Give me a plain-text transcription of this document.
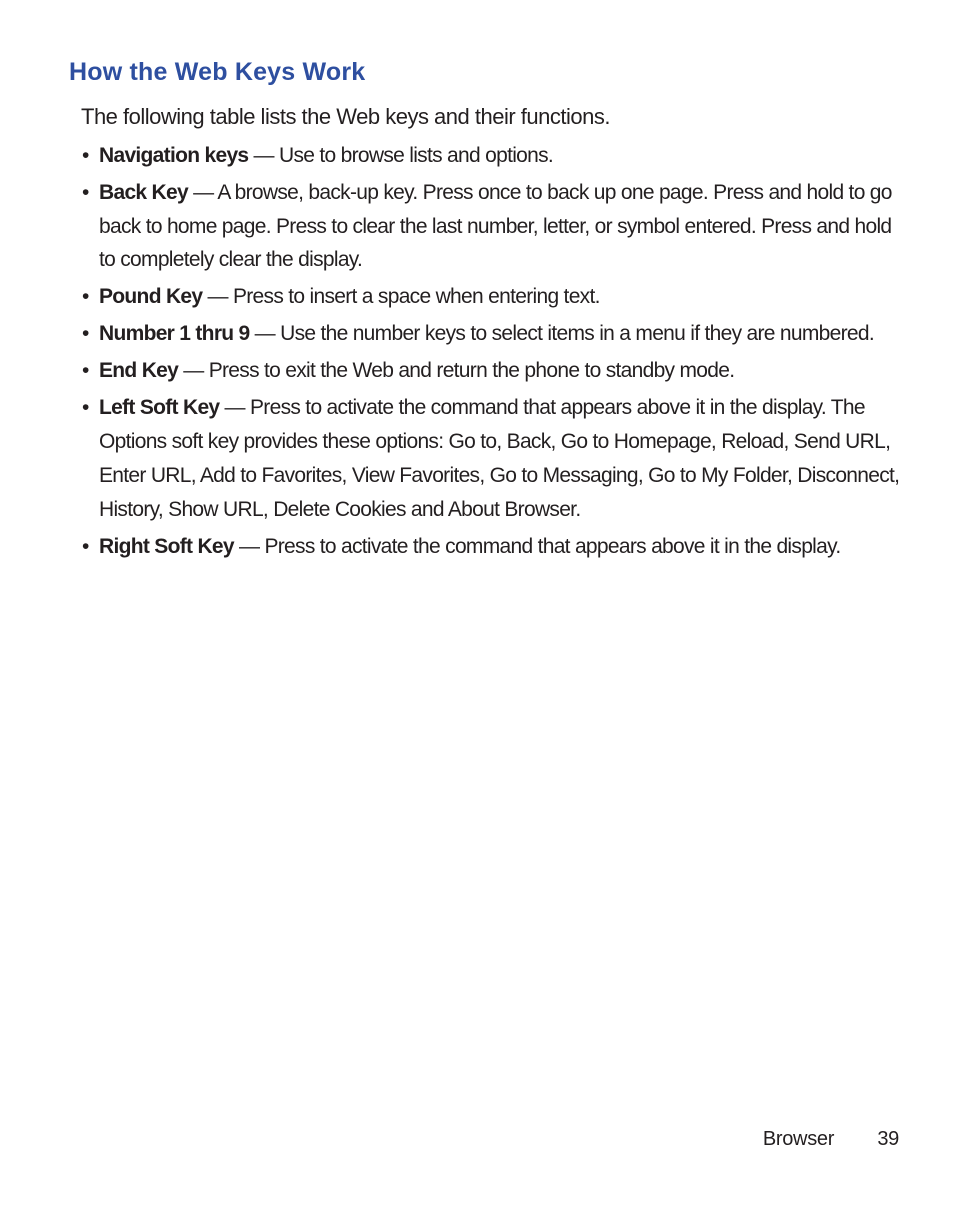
How the Web Keys Work

The following table lists the Web keys and their functions.

• Navigation keys — Use to browse lists and options.
• Back Key — A browse, back-up key. Press once to back up one page. Press and hold to go back to home page. Press to clear the last number, letter, or symbol entered. Press and hold to completely clear the display.
• Pound Key — Press to insert a space when entering text.
• Number 1 thru 9 — Use the number keys to select items in a menu if they are numbered.
• End Key — Press to exit the Web and return the phone to standby mode.
• Left Soft Key — Press to activate the command that appears above it in the display. The Options soft key provides these options: Go to, Back, Go to Homepage, Reload, Send URL, Enter URL, Add to Favorites, View Favorites, Go to Messaging, Go to My Folder, Disconnect, History, Show URL, Delete Cookies and About Browser.
• Right Soft Key — Press to activate the command that appears above it in the display.
Browser 39
